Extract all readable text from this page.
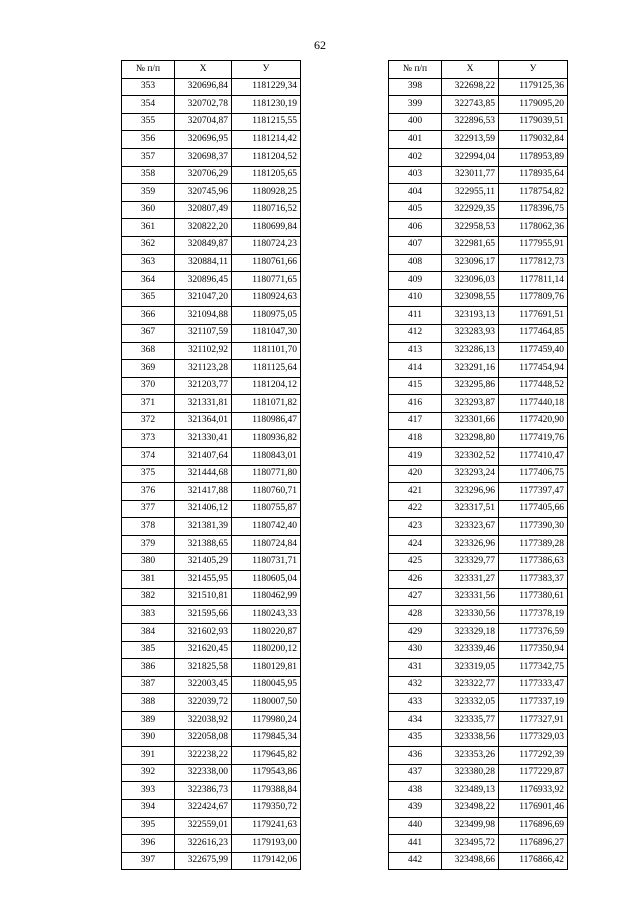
62
№ п/п	X	У
353	320696,84	1181229,34
354	320702,78	1181230,19
355	320704,87	1181215,55
356	320696,95	1181214,42
357	320698,37	1181204,52
358	320706,29	1181205,65
359	320745,96	1180928,25
360	320807,49	1180716,52
361	320822,20	1180699,84
362	320849,87	1180724,23
363	320884,11	1180761,66
364	320896,45	1180771,65
365	321047,20	1180924,63
366	321094,88	1180975,05
367	321107,59	1181047,30
368	321102,92	1181101,70
369	321123,28	1181125,64
370	321203,77	1181204,12
371	321331,81	1181071,82
372	321364,01	1180986,47
373	321330,41	1180936,82
374	321407,64	1180843,01
375	321444,68	1180771,80
376	321417,88	1180760,71
377	321406,12	1180755,87
378	321381,39	1180742,40
379	321388,65	1180724,84
380	321405,29	1180731,71
381	321455,95	1180605,04
382	321510,81	1180462,99
383	321595,66	1180243,33
384	321602,93	1180220,87
385	321620,45	1180200,12
386	321825,58	1180129,81
387	322003,45	1180045,95
388	322039,72	1180007,50
389	322038,92	1179980,24
390	322058,08	1179845,34
391	322238,22	1179645,82
392	322338,00	1179543,86
393	322386,73	1179388,84
394	322424,67	1179350,72
395	322559,01	1179241,63
396	322616,23	1179193,00
397	322675,99	1179142,06
№ п/п	X	У
398	322698,22	1179125,36
399	322743,85	1179095,20
400	322896,53	1179039,51
401	322913,59	1179032,84
402	322994,04	1178953,89
403	323011,77	1178935,64
404	322955,11	1178754,82
405	322929,35	1178396,75
406	322958,53	1178062,36
407	322981,65	1177955,91
408	323096,17	1177812,73
409	323096,03	1177811,14
410	323098,55	1177809,76
411	323193,13	1177691,51
412	323283,93	1177464,85
413	323286,13	1177459,40
414	323291,16	1177454,94
415	323295,86	1177448,52
416	323293,87	1177440,18
417	323301,66	1177420,90
418	323298,80	1177419,76
419	323302,52	1177410,47
420	323293,24	1177406,75
421	323296,96	1177397,47
422	323317,51	1177405,66
423	323323,67	1177390,30
424	323326,96	1177389,28
425	323329,77	1177386,63
426	323331,27	1177383,37
427	323331,56	1177380,61
428	323330,56	1177378,19
429	323329,18	1177376,59
430	323339,46	1177350,94
431	323319,05	1177342,75
432	323322,77	1177333,47
433	323332,05	1177337,19
434	323335,77	1177327,91
435	323338,56	1177329,03
436	323353,26	1177292,39
437	323380,28	1177229,87
438	323489,13	1176933,92
439	323498,22	1176901,46
440	323499,98	1176896,69
441	323495,72	1176896,27
442	323498,66	1176866,42
